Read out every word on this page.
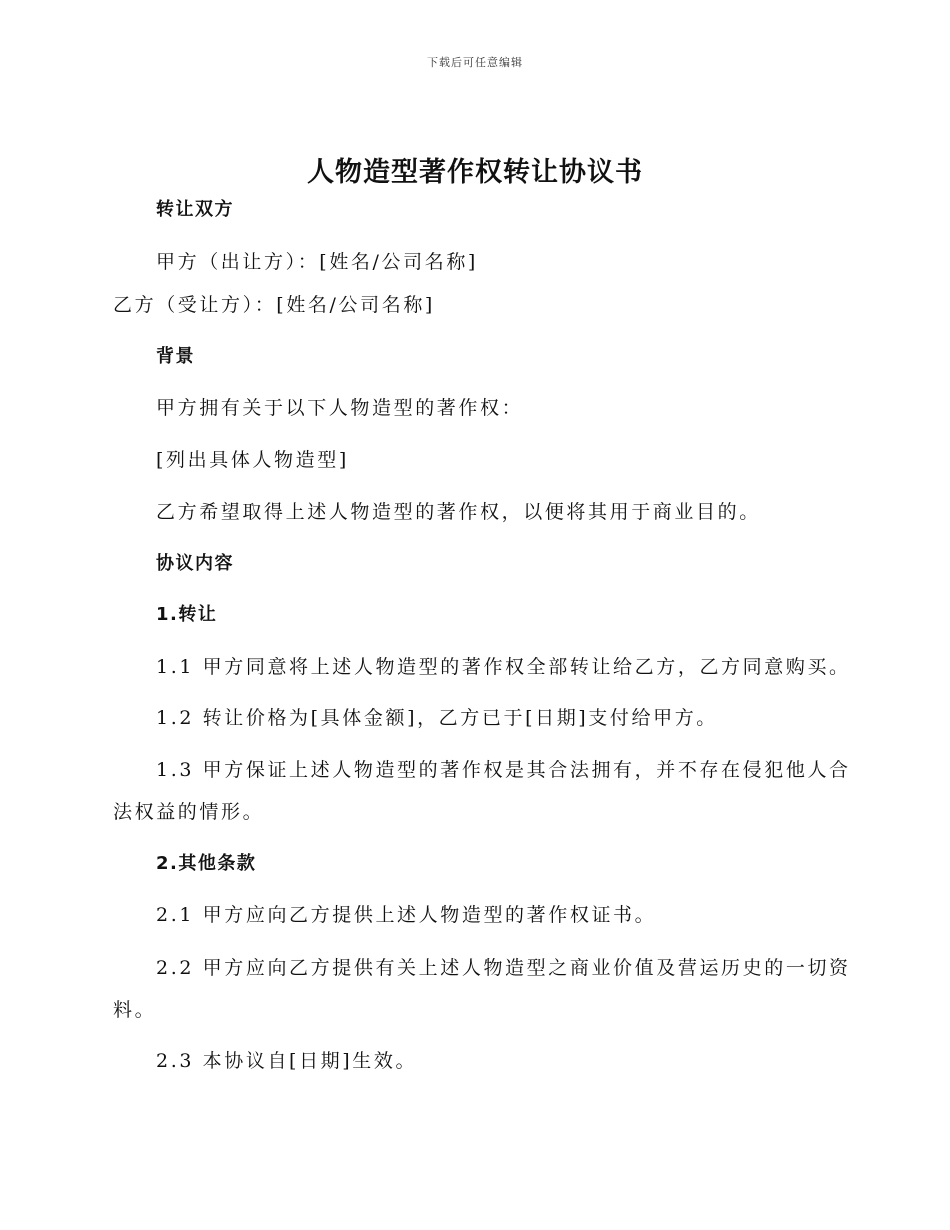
下载后可任意编辑
人物造型著作权转让协议书
转让双方
甲方（出让方）：[姓名/公司名称]
乙方（受让方）：[姓名/公司名称]
背景
甲方拥有关于以下人物造型的著作权：
[列出具体人物造型]
乙方希望取得上述人物造型的著作权，以便将其用于商业目的。
协议内容
1.转让
1.1 甲方同意将上述人物造型的著作权全部转让给乙方，乙方同意购买。
1.2 转让价格为[具体金额]，乙方已于[日期]支付给甲方。
1.3 甲方保证上述人物造型的著作权是其合法拥有，并不存在侵犯他人合
法权益的情形。
2.其他条款
2.1 甲方应向乙方提供上述人物造型的著作权证书。
2.2 甲方应向乙方提供有关上述人物造型之商业价值及营运历史的一切资
料。
2.3 本协议自[日期]生效。
